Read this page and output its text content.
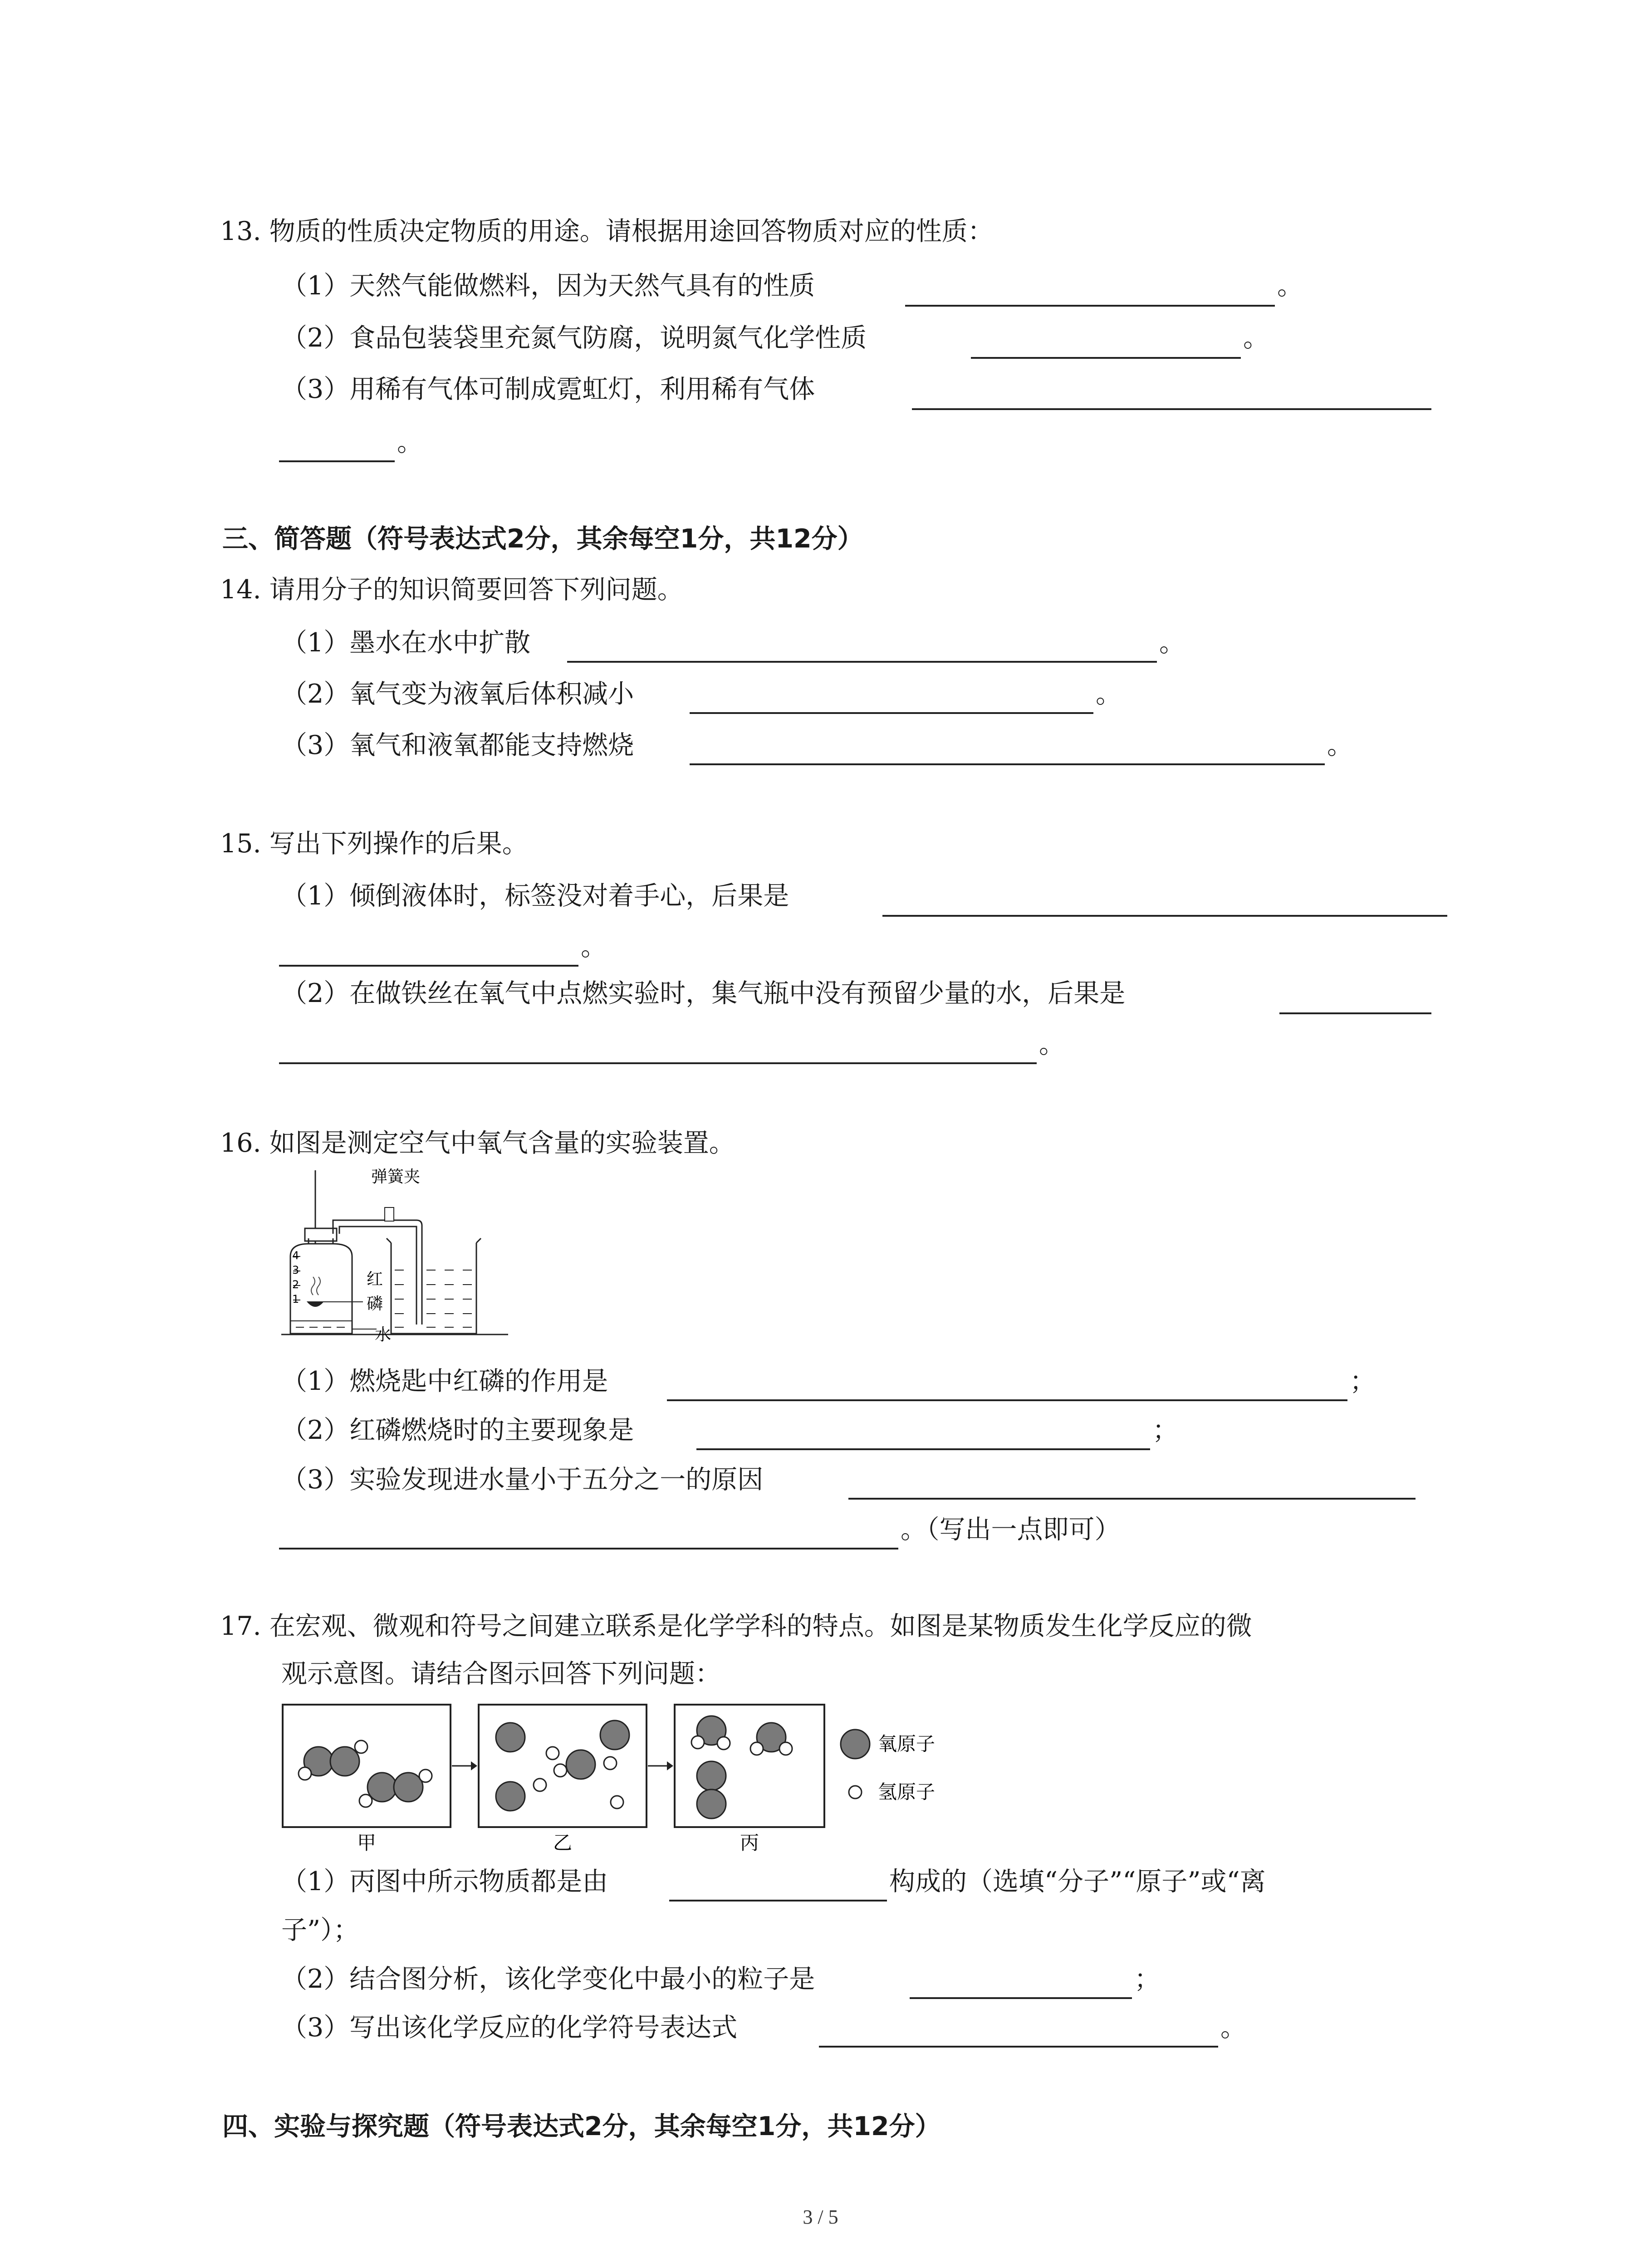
13. 物质的性质决定物质的用途。请根据用途回答物质对应的性质：
（1）天然气能做燃料，因为天然气具有的性质	。
（2）食品包装袋里充氮气防腐，说明氮气化学性质	。
（3）用稀有气体可制成霓虹灯，利用稀有气体
。
三、简答题（符号表达式2分，其余每空1分，共12分）
14. 请用分子的知识简要回答下列问题。
（1）墨水在水中扩散	。
（2）氧气变为液氧后体积减小	。
（3）氧气和液氧都能支持燃烧	。
15. 写出下列操作的后果。
（1）倾倒液体时，标签没对着手心，后果是
。
（2）在做铁丝在氧气中点燃实验时，集气瓶中没有预留少量的水，后果是
。
16. 如图是测定空气中氧气含量的实验装置。
4
3
2
1
弹簧夹
红
磷
水
（1）燃烧匙中红磷的作用是	；
（2）红磷燃烧时的主要现象是	；
（3）实验发现进水量小于五分之一的原因
。（写出一点即可）
17. 在宏观、微观和符号之间建立联系是化学学科的特点。如图是某物质发生化学反应的微
观示意图。请结合图示回答下列问题：
甲	乙	丙
氧原子
氢原子
（1）丙图中所示物质都是由	构成的（选填“分子”“原子”或“离
子”）；
（2）结合图分析，该化学变化中最小的粒子是	；
（3）写出该化学反应的化学符号表达式	。
四、实验与探究题（符号表达式2分，其余每空1分，共12分）
3 / 5
